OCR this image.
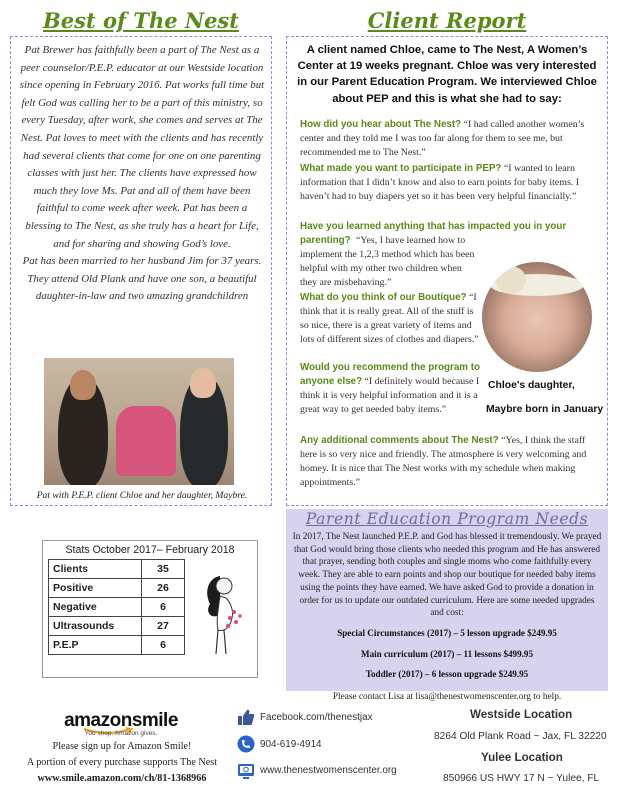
Best of The Nest

Pat Brewer has faithfully been a part of The Nest as a peer counselor/P.E.P. educator at our Westside location since opening in February 2016. Pat works full time but felt God was calling her to be a part of this ministry, so every Tuesday, after work, she comes and serves at The Nest. Pat loves to meet with the clients and has recently had several clients that come for one on one parenting classes with just her. The clients have expressed how much they love Ms. Pat and all of them have been faithful to come week after week. Pat has been a blessing to The Nest, as she truly has a heart for Life, and for sharing and showing God’s love.

Pat has been married to her husband Jim for 37 years. They attend Old Plank and have one son, a beautiful daughter-in-law and two amazing grandchildren

Pat with P.E.P. client Chloe and her daughter, Maybre.
Client Report
A client named Chloe, came to The Nest, A Women’s Center at 19 weeks pregnant. Chloe was very interested in our Parent Education Program. We interviewed Chloe about PEP and this is what she had to say:
How did you hear about The Nest? “I had called another women’s center and they told me I was too far along for them to see me, but recommended me to The Nest.”
What made you want to participate in PEP? “I wanted to learn information that I didn’t know and also to earn points for baby items. I haven’t had to buy diapers yet so it has been very helpful financially.”
Have you learned anything that has impacted you in your parenting? “Yes, I have learned how to implement the 1,2,3 method which has been helpful with my other two children when they are misbehaving.”
What do you think of our Boutique? “I think that it is really great. All of the stuff is so nice, there is a great variety of items and lots of different sizes of clothes and diapers.”
Would you recommend the program to anyone else? “I definitely would because I think it is very helpful information and it is a great way to get needed baby items.”
Any additional comments about The Nest? “Yes, I think the staff here is so very nice and friendly. The atmosphere is very welcoming and homey. It is nice that The Nest works with my schedule when making appointments.”
Chloe's daughter,
Maybre born in January
Stats October 2017– February 2018
Clients	35
Positive	26
Negative	6
Ultrasounds	27
P.E.P	6
Parent Education Program Needs
In 2017, The Nest launched P.E.P. and God has blessed it tremendously. We prayed that God would bring those clients who needed this program and He has answered that prayer, sending both couples and single moms who come faithfully every week. They are able to earn points and shop our boutique for needed baby items using the points they have earned. We have asked God to provide a donation in order for us to update our outdated curriculum. Here are some needed upgrades and cost:
Special Circumstances (2017) – 5 lesson upgrade $249.95
Main curriculum (2017) – 11 lessons $499.95
Toddler (2017) – 6 lesson upgrade $249.95
Please contact Lisa at lisa@thenestwomenscenter.org to help.
amazonsmile
You shop. Amazon gives.
Please sign up for Amazon Smile!
A portion of every purchase supports The Nest
www.smile.amazon.com/ch/81-1368966
Facebook.com/thenestjax
904-619-4914
www.thenestwomenscenter.org
Westside Location
8264 Old Plank Road ~ Jax, FL 32220
Yulee Location
850966 US HWY 17 N ~ Yulee, FL
